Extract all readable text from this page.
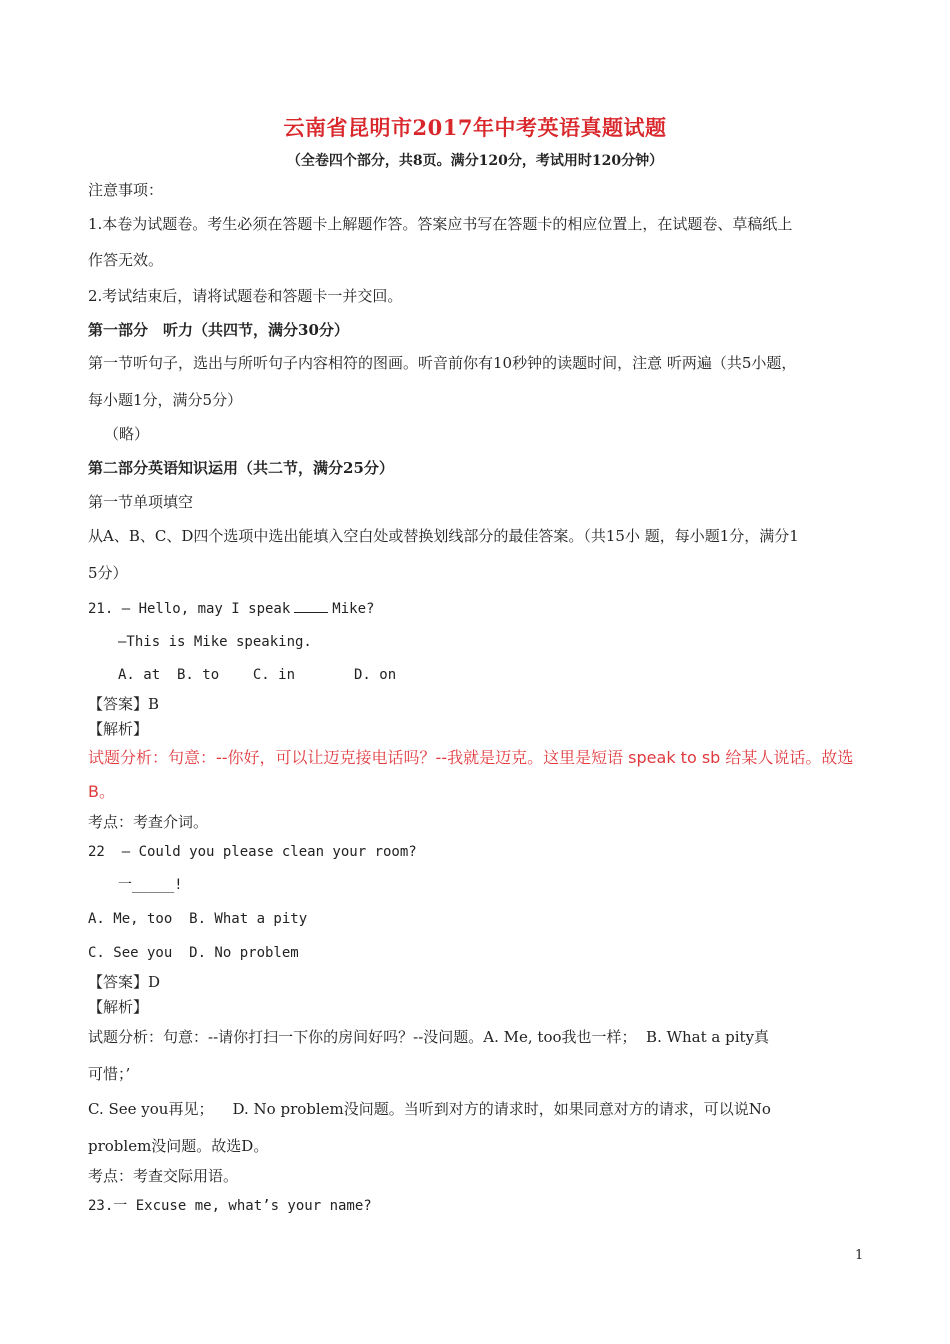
云南省昆明市2017年中考英语真题试题
（全卷四个部分，共8页。满分120分，考试用时120分钟）
注意事项：
1.本卷为试题卷。考生必须在答题卡上解题作答。答案应书写在答题卡的相应位置上，在试题卷、草稿纸上
作答无效。
2.考试结束后，请将试题卷和答题卡一并交回。
第一部分　听力（共四节，满分30分）
第一节听句子，选出与所听句子内容相符的图画。听音前你有10秒钟的读题时间，注意 听两遍（共5小题，
每小题1分，满分5分）
（略）
第二部分英语知识运用（共二节，满分25分）
第一节单项填空
从A、B、C、D四个选项中选出能填入空白处或替换划线部分的最佳答案。（共15小 题，每小题1分，满分1
5分）
21. — Hello, may I speak	Mike?
—This is Mike speaking.
A. at  B. to    C. in       D. on
【答案】B
【解析】
试题分析：句意：--你好，可以让迈克接电话吗？--我就是迈克。这里是短语 speak to sb 给某人说话。故选
B。
考点：考查介词。
22  — Could you please clean your room?
一_____!
A. Me, too  B. What a pity
C. See you  D. No problem
【答案】D
【解析】
试题分析：句意：--请你打扫一下你的房间好吗？--没问题。A. Me, too我也一样；  B. What a pity真
可惜；’
C. See you再见；    D. No problem没问题。当听到对方的请求时，如果同意对方的请求，可以说No
problem没问题。故选D。
考点：考查交际用语。
23.一 Excuse me, what’s your name?
1
